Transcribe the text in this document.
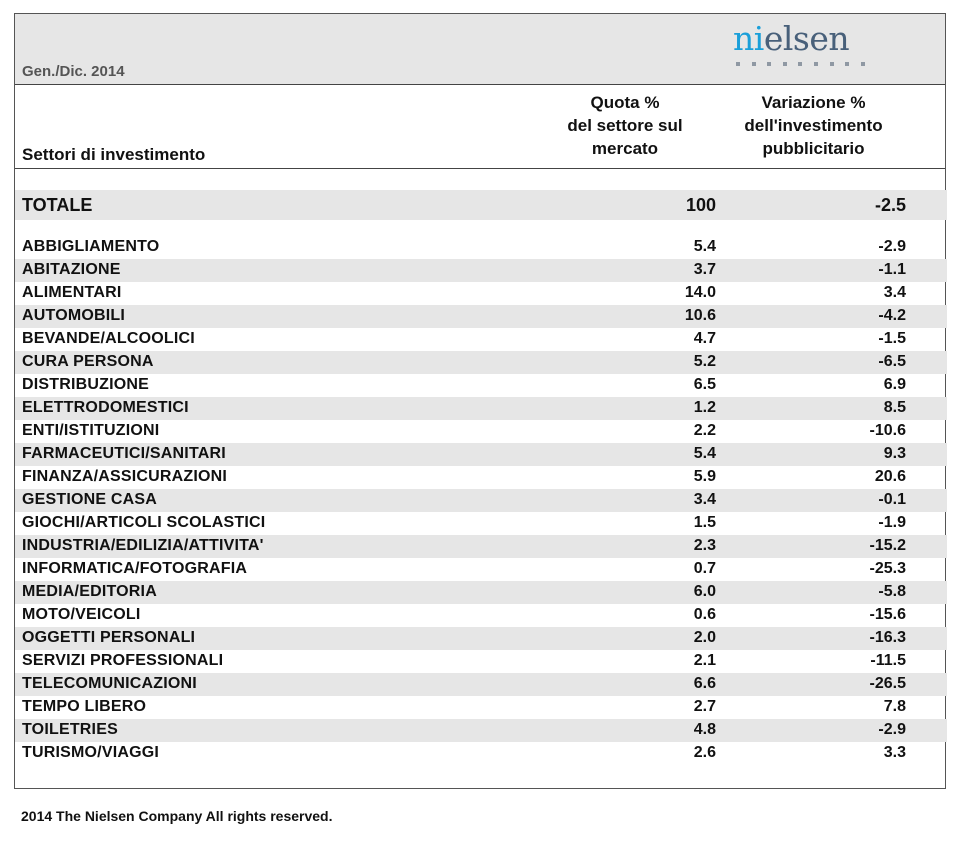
Gen./Dic. 2014
nielsen
Settori di investimento
Quota %
del settore sul
mercato
Variazione %
dell'investimento
pubblicitario
TOTALE	100	-2.5
ABBIGLIAMENTO	5.4	-2.9
ABITAZIONE	3.7	-1.1
ALIMENTARI	14.0	3.4
AUTOMOBILI	10.6	-4.2
BEVANDE/ALCOOLICI	4.7	-1.5
CURA PERSONA	5.2	-6.5
DISTRIBUZIONE	6.5	6.9
ELETTRODOMESTICI	1.2	8.5
ENTI/ISTITUZIONI	2.2	-10.6
FARMACEUTICI/SANITARI	5.4	9.3
FINANZA/ASSICURAZIONI	5.9	20.6
GESTIONE CASA	3.4	-0.1
GIOCHI/ARTICOLI SCOLASTICI	1.5	-1.9
INDUSTRIA/EDILIZIA/ATTIVITA'	2.3	-15.2
INFORMATICA/FOTOGRAFIA	0.7	-25.3
MEDIA/EDITORIA	6.0	-5.8
MOTO/VEICOLI	0.6	-15.6
OGGETTI PERSONALI	2.0	-16.3
SERVIZI PROFESSIONALI	2.1	-11.5
TELECOMUNICAZIONI	6.6	-26.5
TEMPO LIBERO	2.7	7.8
TOILETRIES	4.8	-2.9
TURISMO/VIAGGI	2.6	3.3
2014 The Nielsen Company All rights reserved.
